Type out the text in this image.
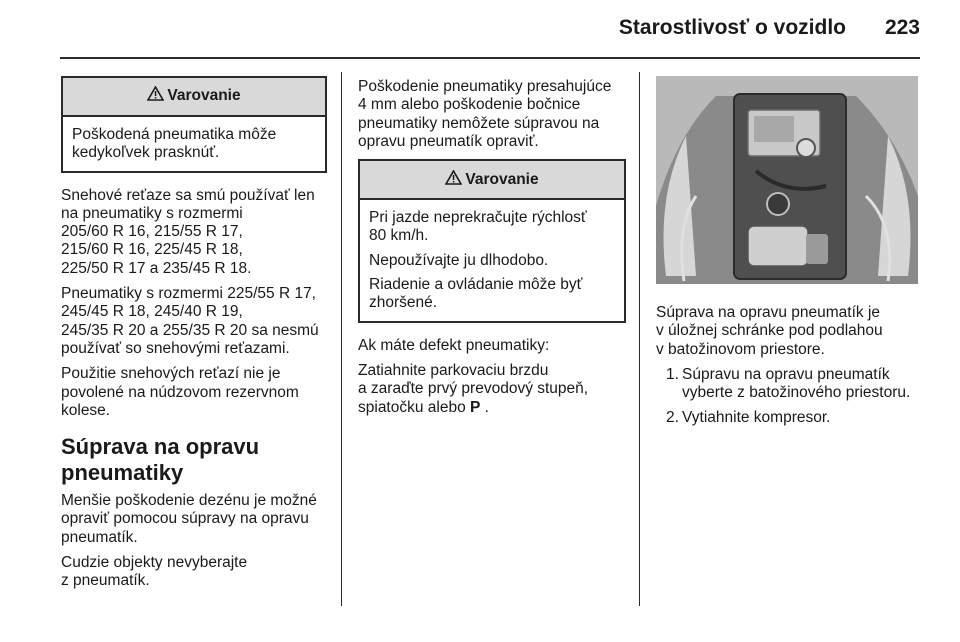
Starostlivosť o vozidlo	223
Varovanie

Poškodená pneumatika môže kedykoľvek prasknúť.

Snehové reťaze sa smú používať len
na pneumatiky s rozmermi
205/60 R 16, 215/55 R 17,
215/60 R 16, 225/45 R 18,
225/50 R 17 a 235/45 R 18.

Pneumatiky s rozmermi 225/55 R 17,
245/45 R 18, 245/40 R 19,
245/35 R 20 a 255/35 R 20 sa nesmú
používať so snehovými reťazami.

Použitie snehových reťazí nie je povolené na núdzovom rezervnom kolese.

Súprava na opravu pneumatiky

Menšie poškodenie dezénu je možné opraviť pomocou súpravy na opravu pneumatík.

Cudzie objekty nevyberajte
z pneumatík.

Poškodenie pneumatiky presahujúce 4 mm alebo poškodenie bočnice pneumatiky nemôžete súpravou na opravu pneumatík opraviť.

Varovanie

Pri jazde neprekračujte rýchlosť 80 km/h.

Nepoužívajte ju dlhodobo.

Riadenie a ovládanie môže byť zhoršené.

Ak máte defekt pneumatiky:

Zatiahnite parkovaciu brzdu
a zaraďte prvý prevodový stupeň,
spiatočku alebo P .

Súprava na opravu pneumatík je
v úložnej schránke pod podlahou
v batožinovom priestore.

1. Súpravu na opravu pneumatík vyberte z batožinového priestoru.
2. Vytiahnite kompresor.
